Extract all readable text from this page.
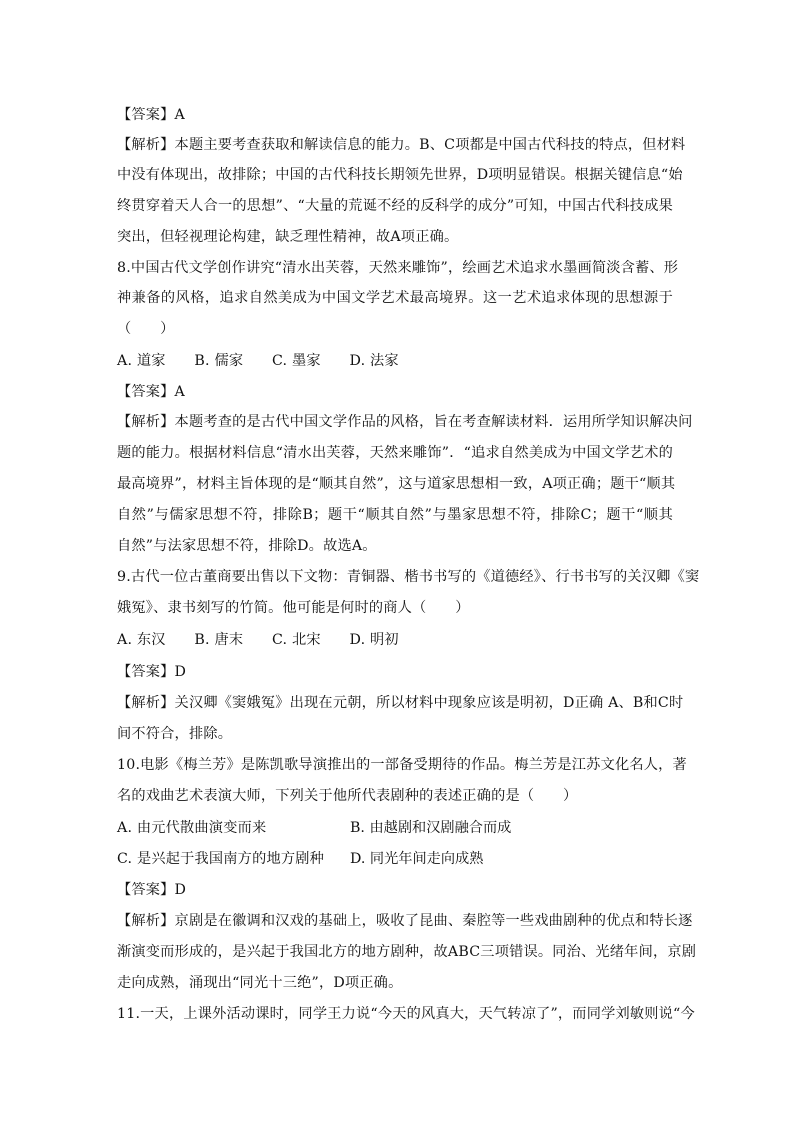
【答案】A
【解析】本题主要考查获取和解读信息的能力。B、C项都是中国古代科技的特点，但材料
中没有体现出，故排除；中国的古代科技长期领先世界，D项明显错误。根据关键信息“始
终贯穿着天人合一的思想”、“大量的荒诞不经的反科学的成分”可知，中国古代科技成果
突出，但轻视理论构建，缺乏理性精神，故A项正确。
8.中国古代文学创作讲究“清水出芙蓉，天然来雕饰”，绘画艺术追求水墨画简淡含蓄、形
神兼备的风格，追求自然美成为中国文学艺术最高境界。这一艺术追求体现的思想源于
（　　）
A. 道家　　B. 儒家　　C. 墨家　　D. 法家
【答案】A
【解析】本题考查的是古代中国文学作品的风格，旨在考查解读材料．运用所学知识解决问
题的能力。根据材料信息“清水出芙蓉，天然来雕饰”．“追求自然美成为中国文学艺术的
最高境界”，材料主旨体现的是“顺其自然”，这与道家思想相一致，A项正确；题干“顺其
自然”与儒家思想不符，排除B；题干“顺其自然”与墨家思想不符，排除C；题干“顺其
自然”与法家思想不符，排除D。故选A。
9.古代一位古董商要出售以下文物：青铜器、楷书书写的《道德经》、行书书写的关汉卿《窦
娥冤》、隶书刻写的竹简。他可能是何时的商人（　　）
A. 东汉　　B. 唐末　　C. 北宋　　D. 明初
【答案】D
【解析】关汉卿《窦娥冤》出现在元朝，所以材料中现象应该是明初，D正确 A、B和C时
间不符合，排除。
10.电影《梅兰芳》是陈凯歌导演推出的一部备受期待的作品。梅兰芳是江苏文化名人，著
名的戏曲艺术表演大师，下列关于他所代表剧种的表述正确的是（　　）
A. 由元代散曲演变而来	B. 由越剧和汉剧融合而成
C. 是兴起于我国南方的地方剧种 D. 同光年间走向成熟
【答案】D
【解析】京剧是在徽调和汉戏的基础上，吸收了昆曲、秦腔等一些戏曲剧种的优点和特长逐
渐演变而形成的，是兴起于我国北方的地方剧种，故ABC三项错误。同治、光绪年间，京剧
走向成熟，涌现出“同光十三绝”，D项正确。
11.一天，上课外活动课时，同学王力说“今天的风真大，天气转凉了”，而同学刘敏则说“今
